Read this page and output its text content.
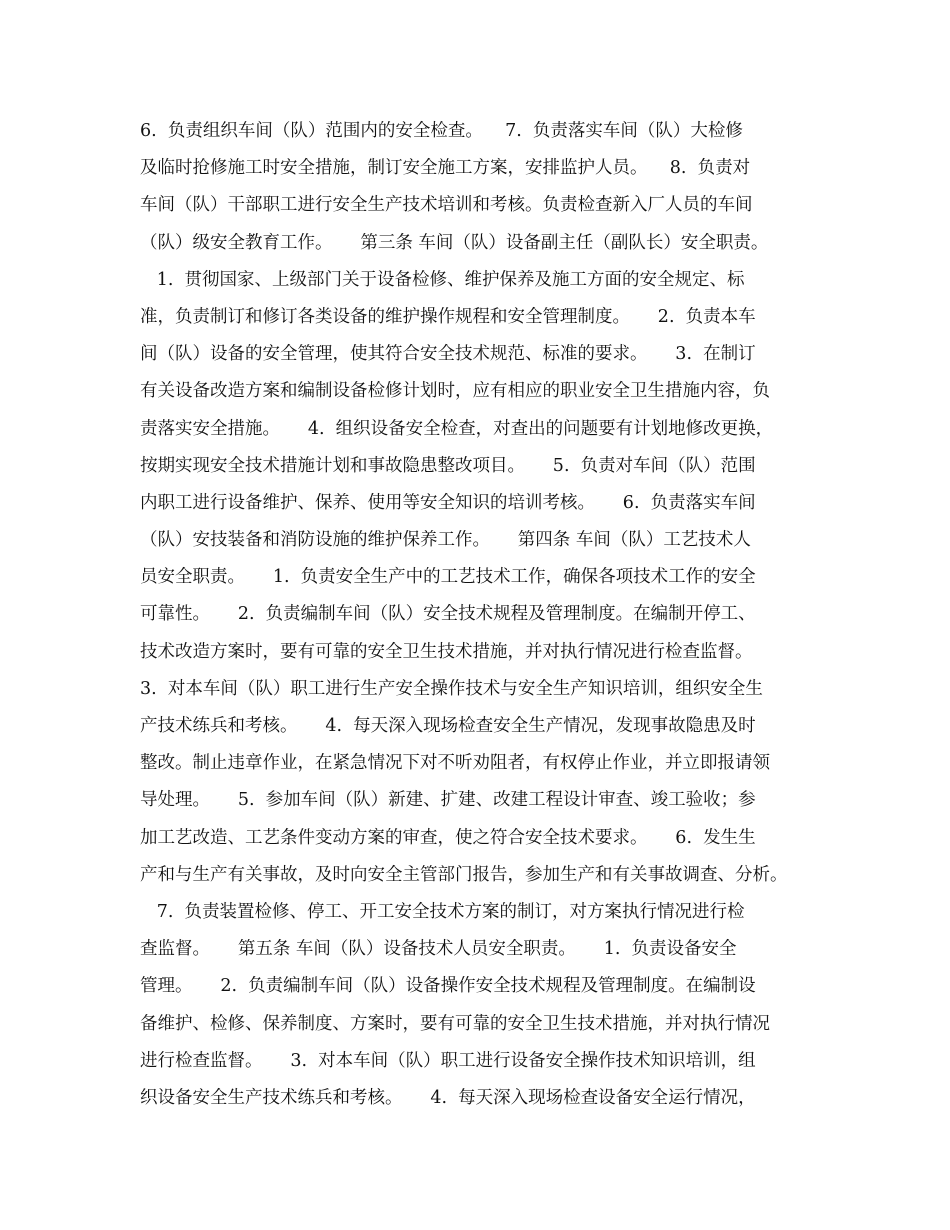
6.  负责组织车间（队）范围内的安全检查。    7.  负责落实车间（队）大检修
及临时抢修施工时安全措施，制订安全施工方案，安排监护人员。    8.  负责对
车间（队）干部职工进行安全生产技术培训和考核。负责检查新入厂人员的车间
（队）级安全教育工作。     第三条 车间（队）设备副主任（副队长）安全职责。
1.  贯彻国家、上级部门关于设备检修、维护保养及施工方面的安全规定、标
准，负责制订和修订各类设备的维护操作规程和安全管理制度。     2.  负责本车
间（队）设备的安全管理，使其符合安全技术规范、标准的要求。     3.  在制订
有关设备改造方案和编制设备检修计划时，应有相应的职业安全卫生措施内容，负
责落实安全措施。     4.  组织设备安全检查，对查出的问题要有计划地修改更换，
按期实现安全技术措施计划和事故隐患整改项目。     5.  负责对车间（队）范围
内职工进行设备维护、保养、使用等安全知识的培训考核。     6.  负责落实车间
（队）安技装备和消防设施的维护保养工作。     第四条 车间（队）工艺技术人
员安全职责。     1.  负责安全生产中的工艺技术工作，确保各项技术工作的安全
可靠性。     2.  负责编制车间（队）安全技术规程及管理制度。在编制开停工、
技术改造方案时，要有可靠的安全卫生技术措施，并对执行情况进行检查监督。
3.  对本车间（队）职工进行生产安全操作技术与安全生产知识培训，组织安全生
产技术练兵和考核。     4.  每天深入现场检查安全生产情况，发现事故隐患及时
整改。制止违章作业，在紧急情况下对不听劝阻者，有权停止作业，并立即报请领
导处理。     5.  参加车间（队）新建、扩建、改建工程设计审查、竣工验收；参
加工艺改造、工艺条件变动方案的审查，使之符合安全技术要求。     6.  发生生
产和与生产有关事故，及时向安全主管部门报告，参加生产和有关事故调查、分析。
7.  负责装置检修、停工、开工安全技术方案的制订，对方案执行情况进行检
查监督。     第五条 车间（队）设备技术人员安全职责。     1.  负责设备安全
管理。     2.  负责编制车间（队）设备操作安全技术规程及管理制度。在编制设
备维护、检修、保养制度、方案时，要有可靠的安全卫生技术措施，并对执行情况
进行检查监督。     3.  对本车间（队）职工进行设备安全操作技术知识培训，组
织设备安全生产技术练兵和考核。     4.  每天深入现场检查设备安全运行情况，
